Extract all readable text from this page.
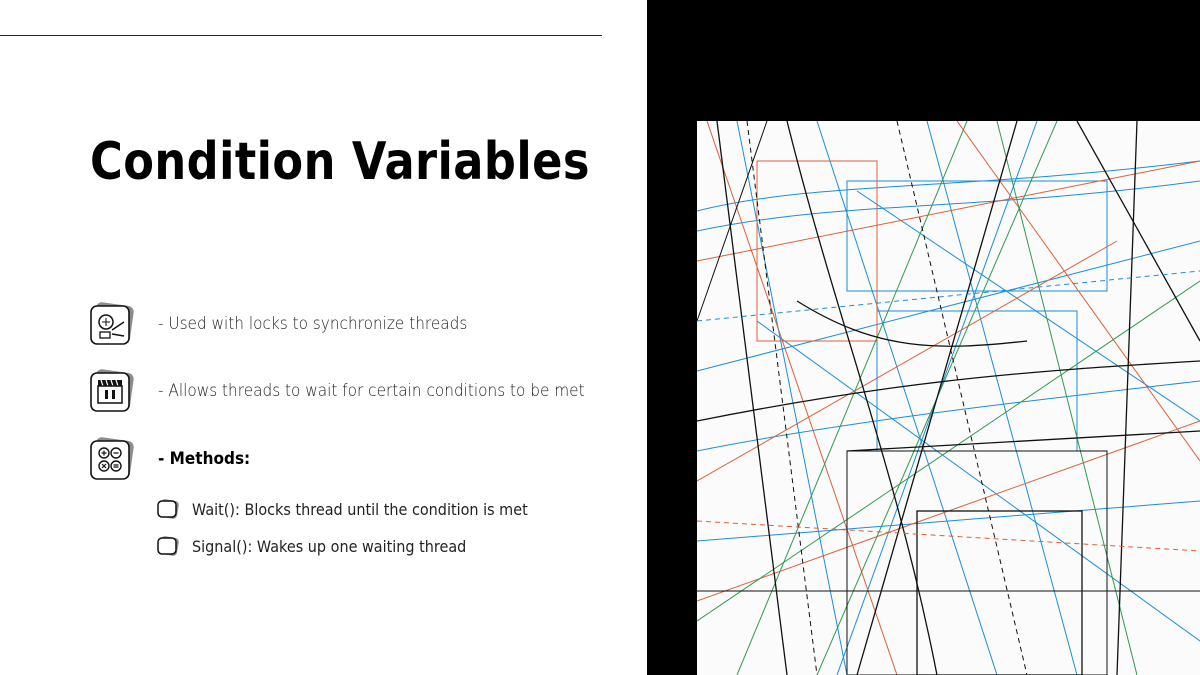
Condition Variables
- Used with locks to synchronize threads
- Allows threads to wait for certain conditions to be met
- Methods:
Wait(): Blocks thread until the condition is met
Signal(): Wakes up one waiting thread
